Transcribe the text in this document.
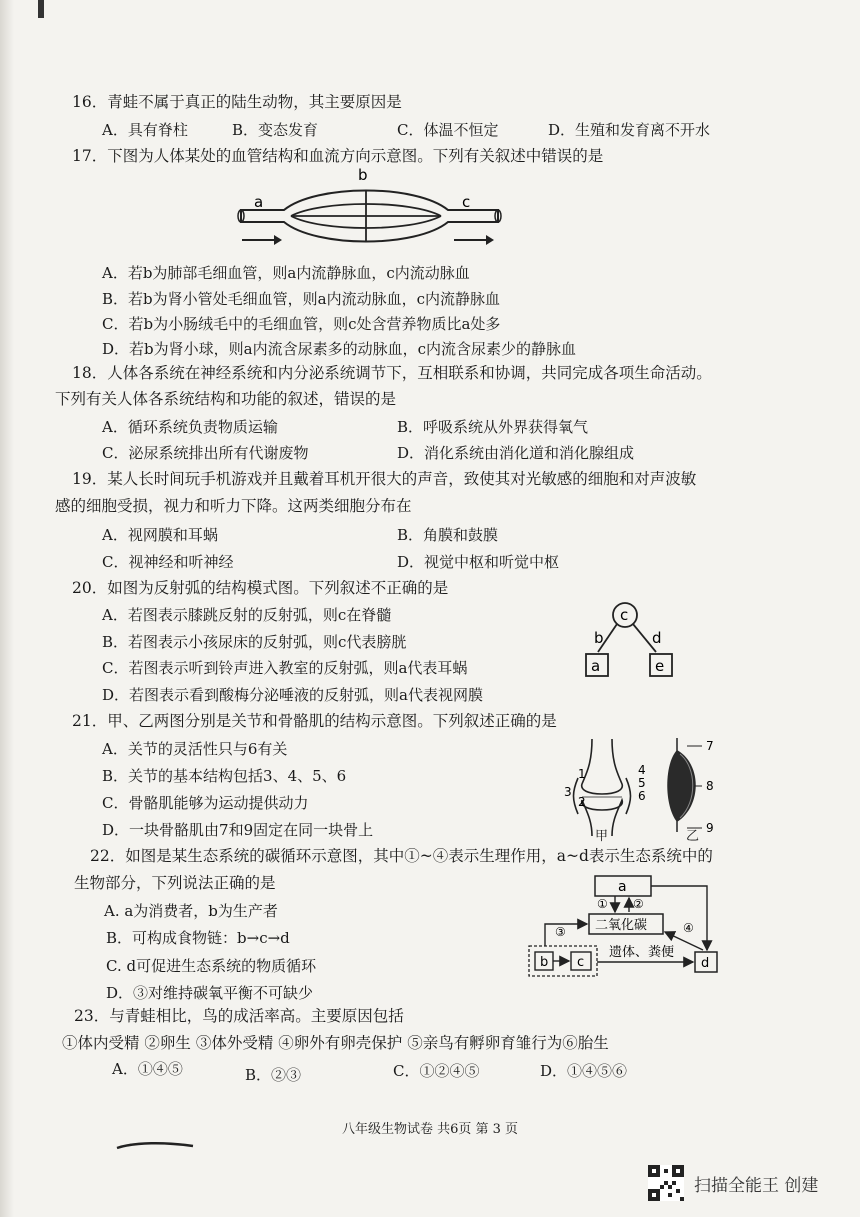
16．青蛙不属于真正的陆生动物，其主要原因是
A．具有脊柱	B．变态发育	C．体温不恒定	D．生殖和发育离不开水
17．下图为人体某处的血管结构和血流方向示意图。下列有关叙述中错误的是
b
a	c
A．若b为肺部毛细血管，则a内流静脉血，c内流动脉血
B．若b为肾小管处毛细血管，则a内流动脉血，c内流静脉血
C．若b为小肠绒毛中的毛细血管，则c处含营养物质比a处多
D．若b为肾小球，则a内流含尿素多的动脉血，c内流含尿素少的静脉血
18．人体各系统在神经系统和内分泌系统调节下，互相联系和协调，共同完成各项生命活动。
下列有关人体各系统结构和功能的叙述，错误的是
A．循环系统负责物质运输	B．呼吸系统从外界获得氧气
C．泌尿系统排出所有代谢废物	D．消化系统由消化道和消化腺组成
19．某人长时间玩手机游戏并且戴着耳机开很大的声音，致使其对光敏感的细胞和对声波敏
感的细胞受损，视力和听力下降。这两类细胞分布在
A．视网膜和耳蜗	B．角膜和鼓膜
C．视神经和听神经	D．视觉中枢和听觉中枢
20．如图为反射弧的结构模式图。下列叙述不正确的是
A．若图表示膝跳反射的反射弧，则c在脊髓
B．若图表示小孩尿床的反射弧，则c代表膀胱
C．若图表示听到铃声进入教室的反射弧，则a代表耳蜗
D．若图表示看到酸梅分泌唾液的反射弧，则a代表视网膜
c
b	d
a	e
21．甲、乙两图分别是关节和骨骼肌的结构示意图。下列叙述正确的是
A．关节的灵活性只与6有关
B．关节的基本结构包括3、4、5、6
C．骨骼肌能够为运动提供动力
D．一块骨骼肌由7和9固定在同一块骨上
3
1
2
4
5
6
7
8
9
甲	乙
22．如图是某生态系统的碳循环示意图，其中①~④表示生理作用，a~d表示生态系统中的
生物部分，下列说法正确的是
A. a为消费者，b为生产者
B．可构成食物链：b→c→d
C. d可促进生态系统的物质循环
D．③对维持碳氧平衡不可缺少
a
① ②
二氧化碳	④
③
b c
遗体、粪便
d
23．与青蛙相比，鸟的成活率高。主要原因包括
①体内受精 ②卵生 ③体外受精 ④卵外有卵壳保护 ⑤亲鸟有孵卵育雏行为⑥胎生
A．①④⑤	B．②③	C．①②④⑤	D．①④⑤⑥
八年级生物试卷 共6页 第 3 页
扫描全能王 创建
